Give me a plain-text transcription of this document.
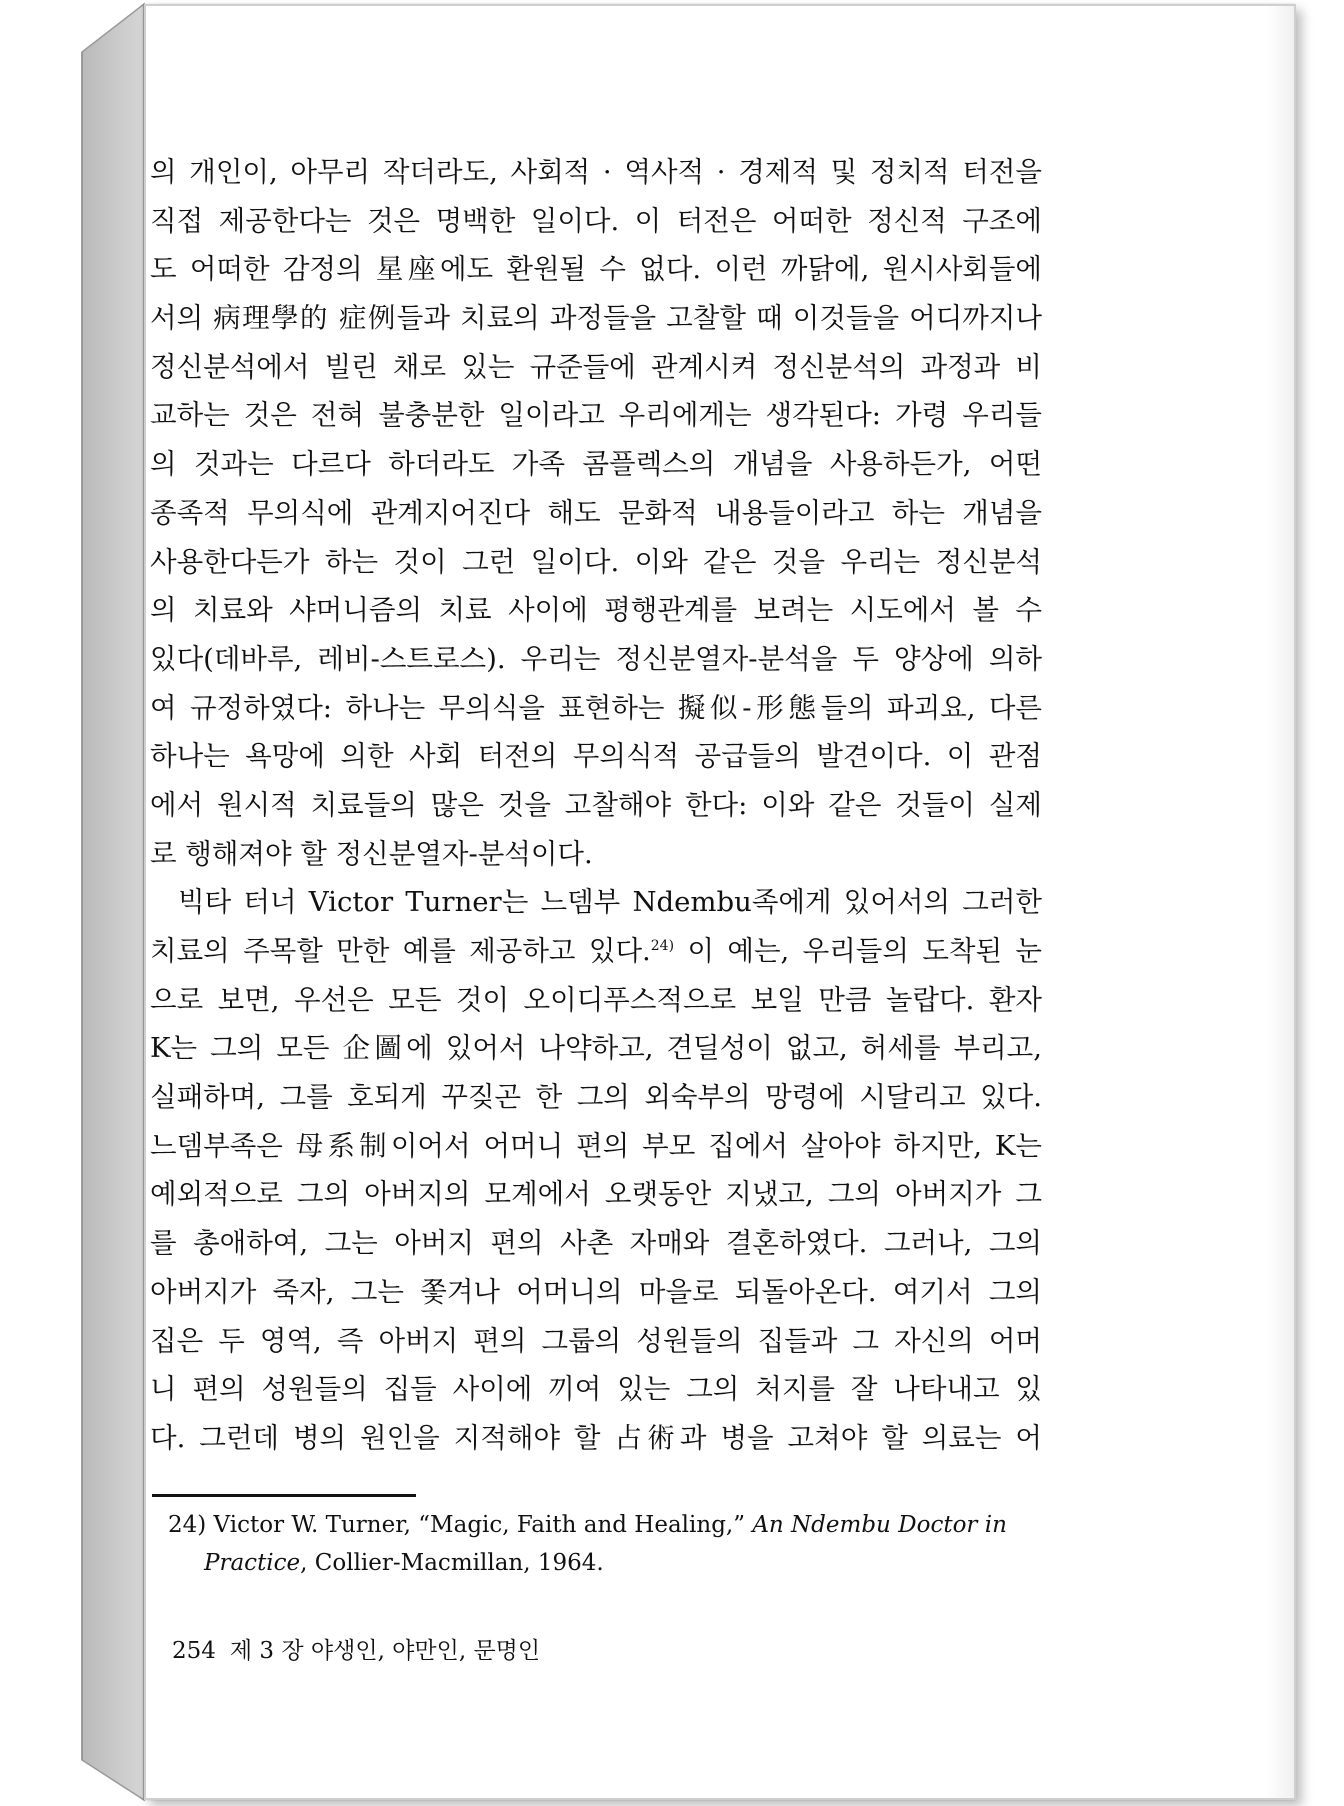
의 개인이, 아무리 작더라도, 사회적 · 역사적 · 경제적 및 정치적 터전을
직접 제공한다는 것은 명백한 일이다. 이 터전은 어떠한 정신적 구조에
도 어떠한 감정의 星座에도 환원될 수 없다. 이런 까닭에, 원시사회들에
서의 病理學的 症例들과 치료의 과정들을 고찰할 때 이것들을 어디까지나
정신분석에서 빌린 채로 있는 규준들에 관계시켜 정신분석의 과정과 비
교하는 것은 전혀 불충분한 일이라고 우리에게는 생각된다: 가령 우리들
의 것과는 다르다 하더라도 가족 콤플렉스의 개념을 사용하든가, 어떤
종족적 무의식에 관계지어진다 해도 문화적 내용들이라고 하는 개념을
사용한다든가 하는 것이 그런 일이다. 이와 같은 것을 우리는 정신분석
의 치료와 샤머니즘의 치료 사이에 평행관계를 보려는 시도에서 볼 수
있다(데바루, 레비-스트로스). 우리는 정신분열자-분석을 두 양상에 의하
여 규정하였다: 하나는 무의식을 표현하는 擬似-形態들의 파괴요, 다른
하나는 욕망에 의한 사회 터전의 무의식적 공급들의 발견이다. 이 관점
에서 원시적 치료들의 많은 것을 고찰해야 한다: 이와 같은 것들이 실제
로 행해져야 할 정신분열자-분석이다.
빅타 터너 Victor Turner는 느뎀부 Ndembu족에게 있어서의 그러한
치료의 주목할 만한 예를 제공하고 있다.$^{24)}$ 이 예는, 우리들의 도착된 눈
으로 보면, 우선은 모든 것이 오이디푸스적으로 보일 만큼 놀랍다. 환자
K는 그의 모든 企圖에 있어서 나약하고, 견딜성이 없고, 허세를 부리고,
실패하며, 그를 호되게 꾸짖곤 한 그의 외숙부의 망령에 시달리고 있다.
느뎀부족은 母系制이어서 어머니 편의 부모 집에서 살아야 하지만, K는
예외적으로 그의 아버지의 모계에서 오랫동안 지냈고, 그의 아버지가 그
를 총애하여, 그는 아버지 편의 사촌 자매와 결혼하였다. 그러나, 그의
아버지가 죽자, 그는 쫓겨나 어머니의 마을로 되돌아온다. 여기서 그의
집은 두 영역, 즉 아버지 편의 그룹의 성원들의 집들과 그 자신의 어머
니 편의 성원들의 집들 사이에 끼여 있는 그의 처지를 잘 나타내고 있
다. 그런데 병의 원인을 지적해야 할 占術과 병을 고쳐야 할 의료는 어
24) Victor W. Turner, “Magic, Faith and Healing,” An Ndembu Doctor in
Practice, Collier-Macmillan, 1964.
254 제 3 장 야생인, 야만인, 문명인
